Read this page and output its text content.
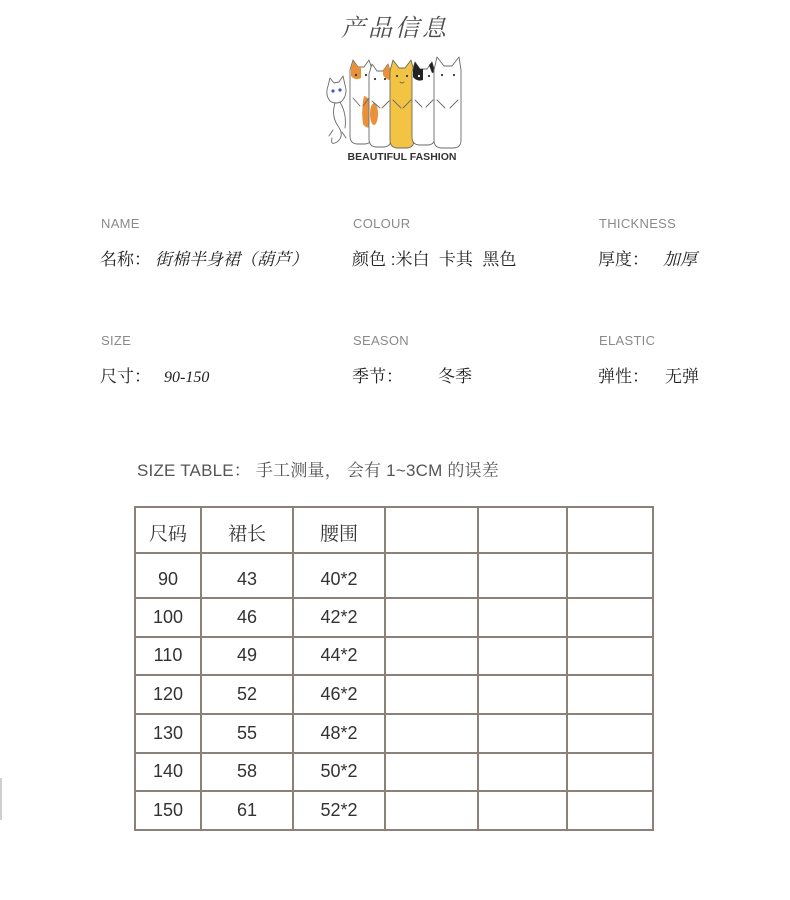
产品信息
BEAUTIFUL FASHION
NAME
名称： 街棉半身裙（葫芦）
COLOUR
颜色 : 米白  卡其  黑色
THICKNESS
厚度： 加厚
SIZE
尺寸： 90-150
SEASON
季节： 冬季
ELASTIC
弹性： 无弹
SIZE TABLE： 手工测量， 会有 1~3CM 的误差
尺码	裙长	腰围			
90	43	40*2			
100	46	42*2			
110	49	44*2			
120	52	46*2			
130	55	48*2			
140	58	50*2			
150	61	52*2			
